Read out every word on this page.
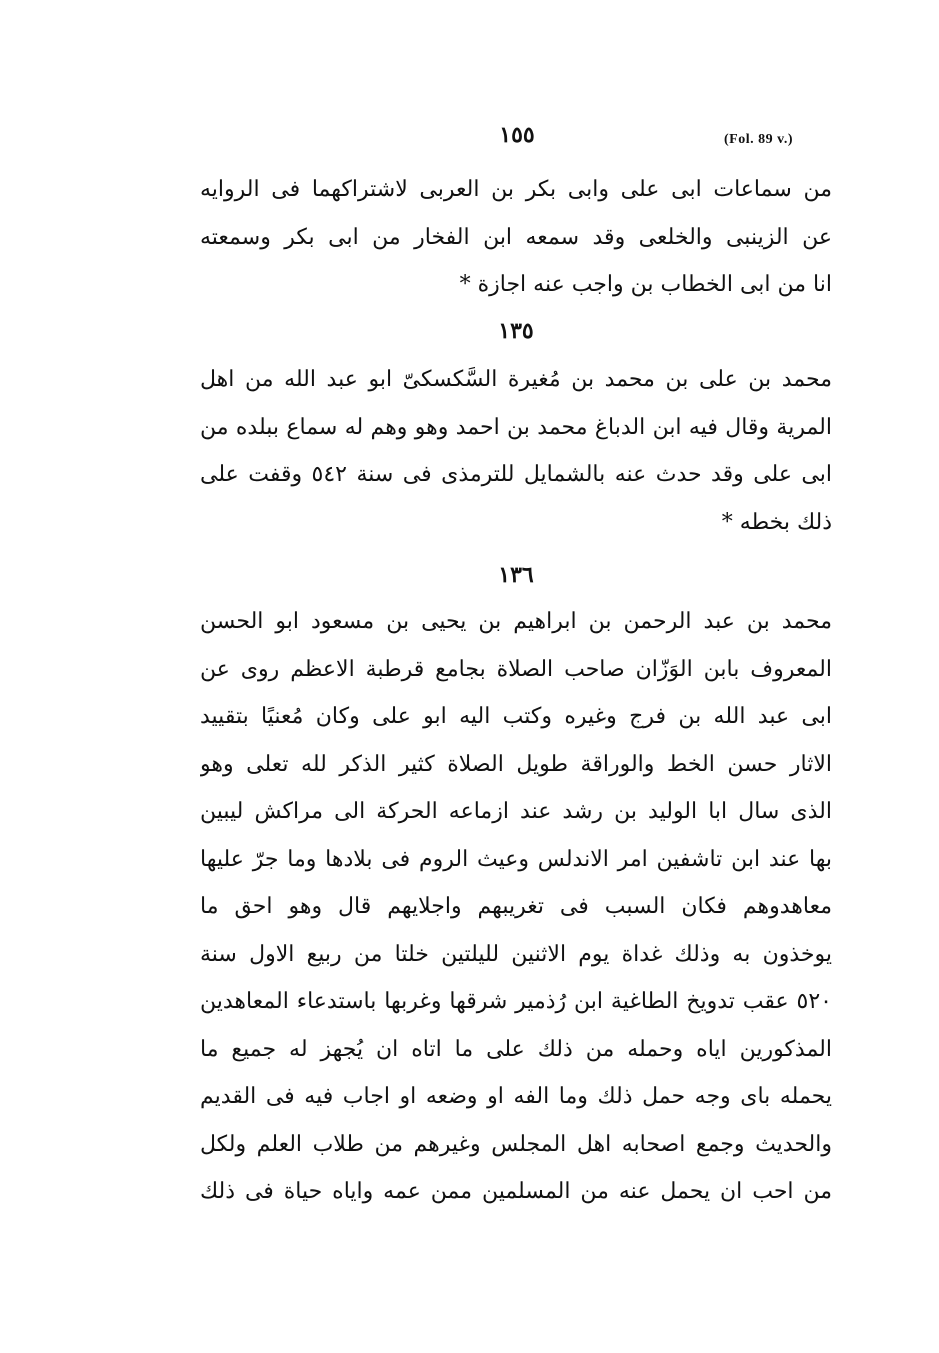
(Fol. 89 v.)
١٥٥
من سماعات ابى على وابى بكر بن العربى لاشتراكهما فى الروايه
عن الزينبى والخلعى وقد سمعه ابن الفخار من ابى بكر وسمعته
انا من ابى الخطاب بن واجب عنه اجازة *
١٣٥
محمد بن على بن محمد بن مُغيرة السَّكسكىّ ابو عبد الله من اهل
المرية وقال فيه ابن الدباغ محمد بن احمد وهو وهم له سماع ببلده من
ابى على وقد حدث عنه بالشمايل للترمذى فى سنة ٥٤٢ وقفت على
ذلك بخطه *
١٣٦
محمد بن عبد الرحمن بن ابراهيم بن يحيى بن مسعود ابو الحسن
المعروف بابن الوَزّان صاحب الصلاة بجامع قرطبة الاعظم روى عن
ابى عبد الله بن فرج وغيره وكتب اليه ابو على وكان مُعنيًا بتقييد
الاثار حسن الخط والوراقة طويل الصلاة كثير الذكر لله تعلى وهو
الذى سال ابا الوليد بن رشد عند ازماعه الحركة الى مراكش ليبين
بها عند ابن تاشفين امر الاندلس وعيث الروم فى بلادها وما جرّ عليها
معاهدوهم فكان السبب فى تغريبهم واجلايهم قال وهو احق ما
يوخذون به وذلك غداة يوم الاثنين لليلتين خلتا من ربيع الاول سنة
٥٢٠ عقب تدويخ الطاغية ابن رُذمير شرقها وغربها باستدعاء المعاهدين
المذكورين اياه وحمله من ذلك على ما اتاه ان يُجهز له جميع ما
يحمله باى وجه حمل ذلك وما الفه او وضعه او اجاب فيه فى القديم
والحديث وجمع اصحابه اهل المجلس وغيرهم من طلاب العلم ولكل
من احب ان يحمل عنه من المسلمين ممن عمه واياه حياة فى ذلك
